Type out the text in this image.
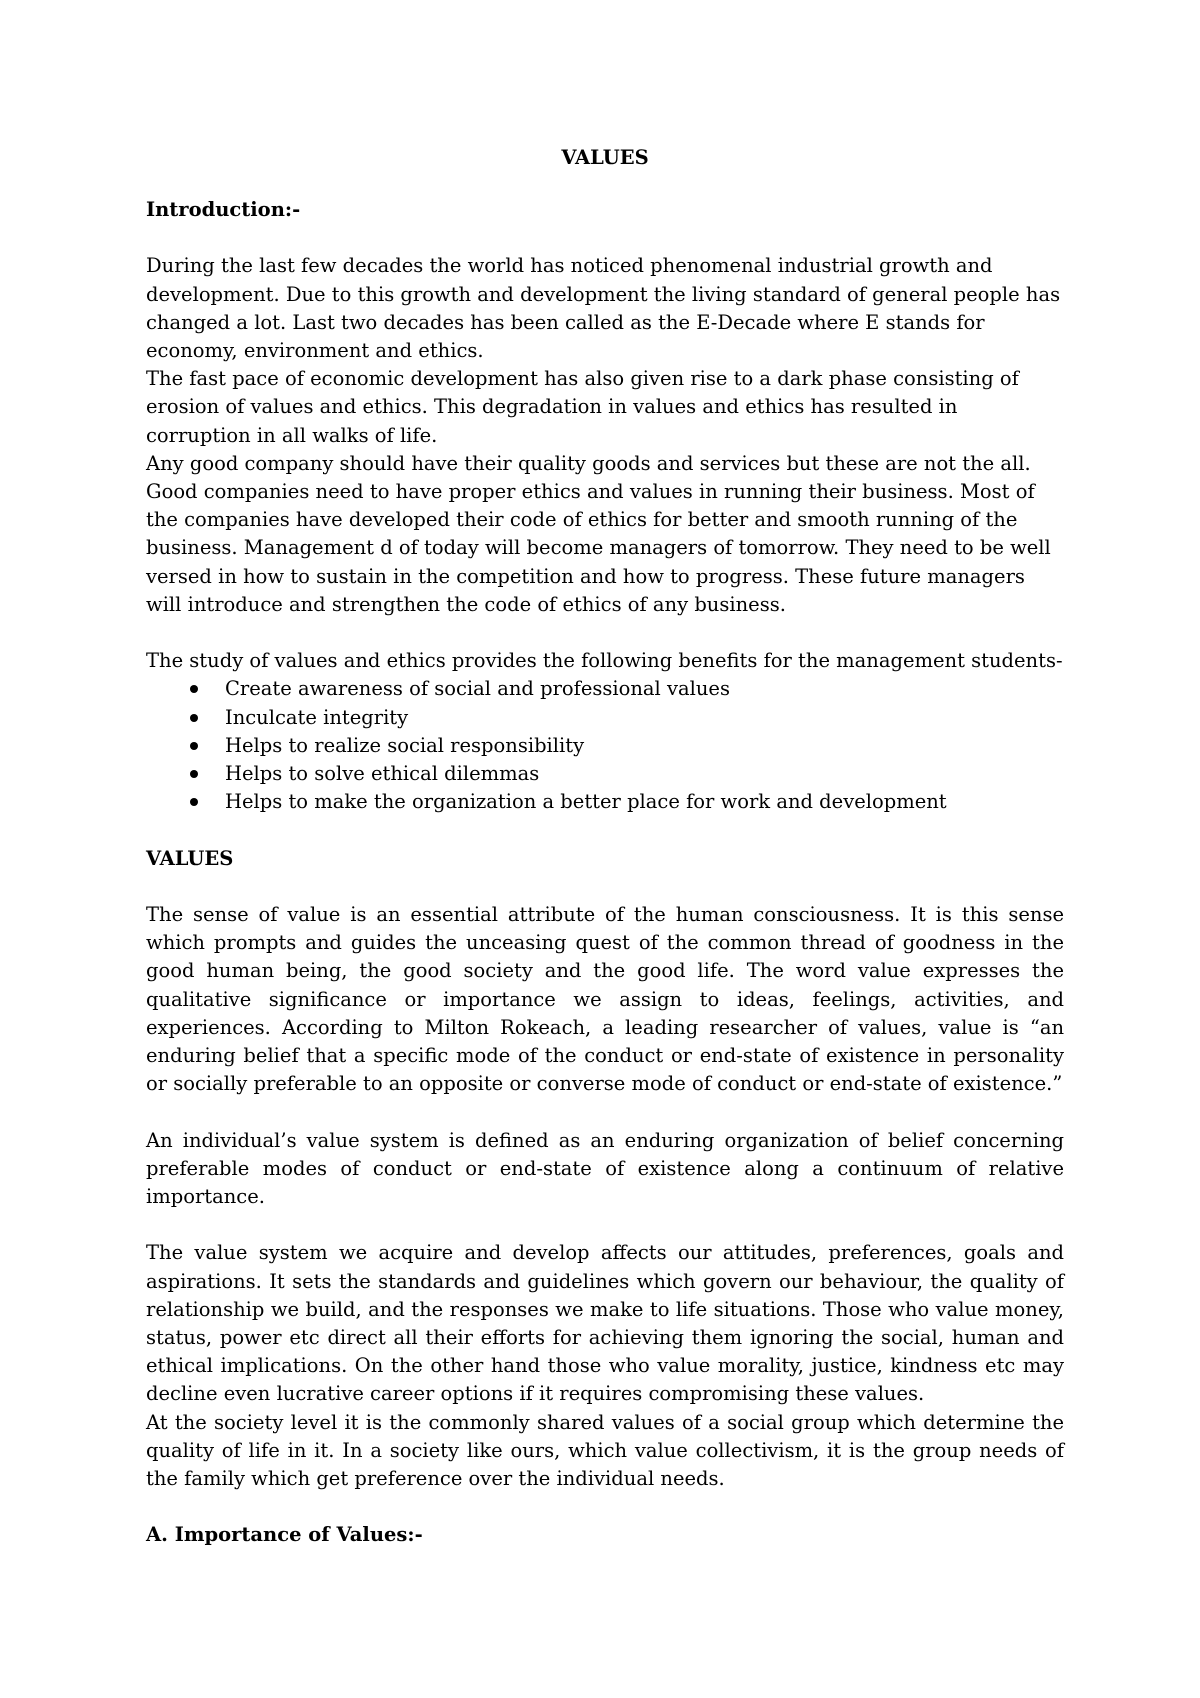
VALUES

Introduction:-

During the last few decades the world has noticed phenomenal industrial growth and development. Due to this growth and development the living standard of general people has changed a lot. Last two decades has been called as the E-Decade where E stands for economy, environment and ethics.

The fast pace of economic development has also given rise to a dark phase consisting of erosion of values and ethics. This degradation in values and ethics has resulted in corruption in all walks of life.

Any good company should have their quality goods and services but these are not the all. Good companies need to have proper ethics and values in running their business. Most of the companies have developed their code of ethics for better and smooth running of the business. Management d of today will become managers of tomorrow. They need to be well versed in how to sustain in the competition and how to progress. These future managers will introduce and strengthen the code of ethics of any business.

The study of values and ethics provides the following benefits for the management students-

Create awareness of social and professional values
Inculcate integrity
Helps to realize social responsibility
Helps to solve ethical dilemmas
Helps to make the organization a better place for work and development

VALUES

The sense of value is an essential attribute of the human consciousness. It is this sense which prompts and guides the unceasing quest of the common thread of goodness in the good human being, the good society and the good life. The word value expresses the qualitative significance or importance we assign to ideas, feelings, activities, and experiences. According to Milton Rokeach, a leading researcher of values, value is “an enduring belief that a specific mode of the conduct or end-state of existence in personality or socially preferable to an opposite or converse mode of conduct or end-state of existence.”

An individual’s value system is defined as an enduring organization of belief concerning preferable modes of conduct or end-state of existence along a continuum of relative importance.

The value system we acquire and develop affects our attitudes, preferences, goals and aspirations. It sets the standards and guidelines which govern our behaviour, the quality of relationship we build, and the responses we make to life situations. Those who value money, status, power etc direct all their efforts for achieving them ignoring the social, human and ethical implications. On the other hand those who value morality, justice, kindness etc may decline even lucrative career options if it requires compromising these values.

At the society level it is the commonly shared values of a social group which determine the quality of life in it. In a society like ours, which value collectivism, it is the group needs of the family which get preference over the individual needs.

A. Importance of Values:-
